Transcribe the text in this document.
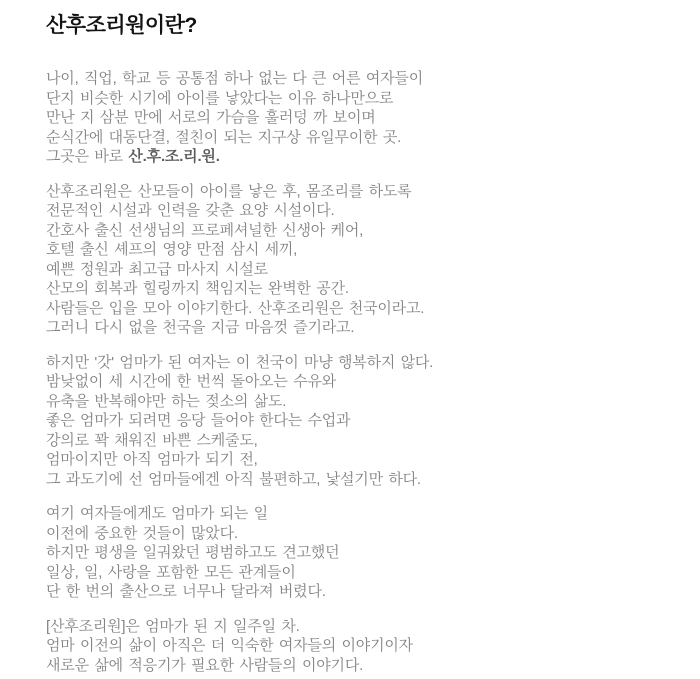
산후조리원이란?
나이, 직업, 학교 등 공통점 하나 없는 다 큰 어른 여자들이
단지 비슷한 시기에 아이를 낳았다는 이유 하나만으로
만난 지 삼분 만에 서로의 가슴을 훌러덩 까 보이며
순식간에 대동단결, 절친이 되는 지구상 유일무이한 곳.
그곳은 바로 산.후.조.리.원.
산후조리원은 산모들이 아이를 낳은 후, 몸조리를 하도록
전문적인 시설과 인력을 갖춘 요양 시설이다.
간호사 출신 선생님의 프로페셔널한 신생아 케어,
호텔 출신 셰프의 영양 만점 삼시 세끼,
예쁜 정원과 최고급 마사지 시설로
산모의 회복과 힐링까지 책임지는 완벽한 공간.
사람들은 입을 모아 이야기한다. 산후조리원은 천국이라고.
그러니 다시 없을 천국을 지금 마음껏 즐기라고.
하지만 '갓' 엄마가 된 여자는 이 천국이 마냥 행복하지 않다.
밤낮없이 세 시간에 한 번씩 돌아오는 수유와
유축을 반복해야만 하는 젖소의 삶도.
좋은 엄마가 되려면 응당 들어야 한다는 수업과
강의로 꽉 채워진 바쁜 스케줄도,
엄마이지만 아직 엄마가 되기 전,
그 과도기에 선 엄마들에겐 아직 불편하고, 낯설기만 하다.
여기 여자들에게도 엄마가 되는 일
이전에 중요한 것들이 많았다.
하지만 평생을 일궈왔던 평범하고도 견고했던
일상, 일, 사랑을 포함한 모든 관계들이
단 한 번의 출산으로 너무나 달라져 버렸다.
[산후조리원]은 엄마가 된 지 일주일 차.
엄마 이전의 삶이 아직은 더 익숙한 여자들의 이야기이자
새로운 삶에 적응기가 필요한 사람들의 이야기다.
